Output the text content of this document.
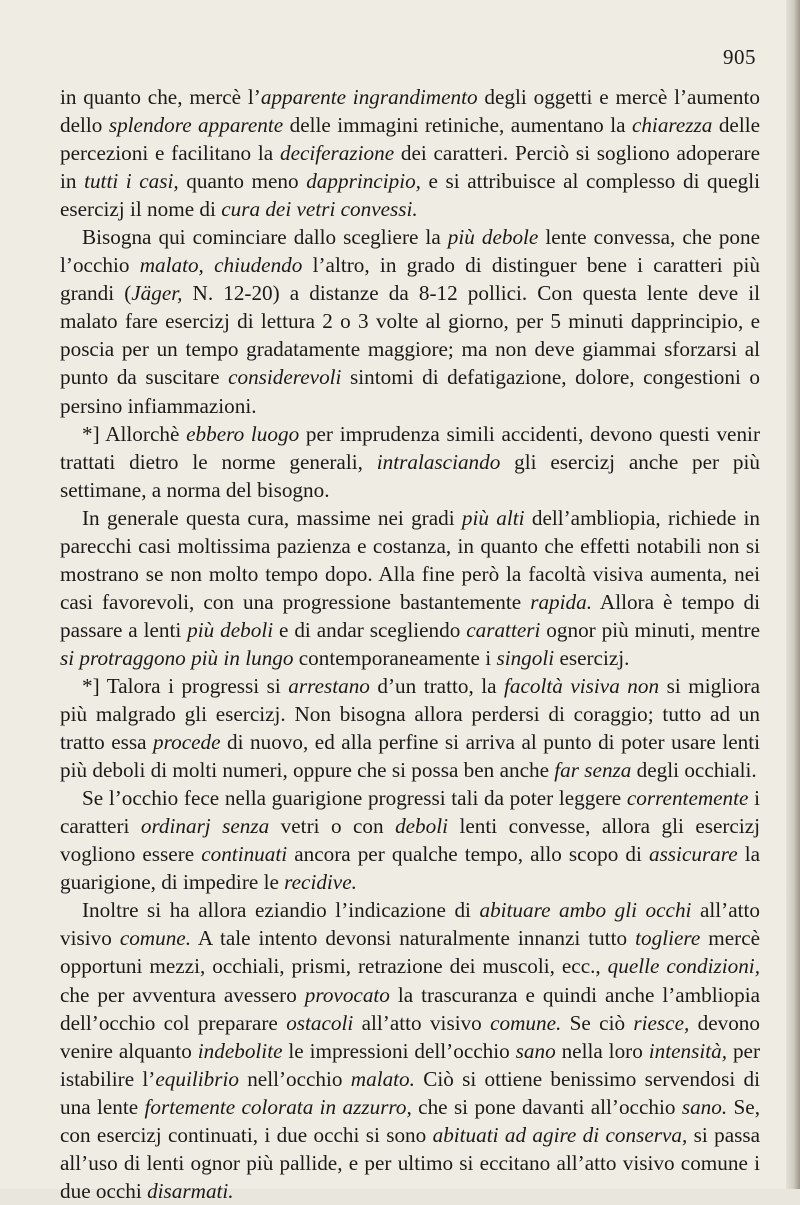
905

in quanto che, mercè l’apparente ingrandimento degli oggetti e mercè l’aumento dello splendore apparente delle immagini retiniche, aumentano la chiarezza delle percezioni e facilitano la deciferazione dei caratteri. Perciò si sogliono adoperare in tutti i casi, quanto meno dapprincipio, e si attribuisce al complesso di quegli esercizj il nome di cura dei vetri convessi.

Bisogna qui cominciare dallo scegliere la più debole lente convessa, che pone l’occhio malato, chiudendo l’altro, in grado di distinguer bene i caratteri più grandi (Jäger, N. 12-20) a distanze da 8-12 pollici. Con questa lente deve il malato fare esercizj di lettura 2 o 3 volte al giorno, per 5 minuti dapprincipio, e poscia per un tempo gradatamente maggiore; ma non deve giammai sforzarsi al punto da suscitare considerevoli sintomi di defatigazione, dolore, congestioni o persino infiammazioni.

*] Allorchè ebbero luogo per imprudenza simili accidenti, devono questi venir trattati dietro le norme generali, intralasciando gli esercizj anche per più settimane, a norma del bisogno.

In generale questa cura, massime nei gradi più alti dell’ambliopia, richiede in parecchi casi moltissima pazienza e costanza, in quanto che effetti notabili non si mostrano se non molto tempo dopo. Alla fine però la facoltà visiva aumenta, nei casi favorevoli, con una progressione bastantemente rapida. Allora è tempo di passare a lenti più deboli e di andar scegliendo caratteri ognor più minuti, mentre si protraggono più in lungo contemporaneamente i singoli esercizj.

*] Talora i progressi si arrestano d’un tratto, la facoltà visiva non si migliora più malgrado gli esercizj. Non bisogna allora perdersi di coraggio; tutto ad un tratto essa procede di nuovo, ed alla perfine si arriva al punto di poter usare lenti più deboli di molti numeri, oppure che si possa ben anche far senza degli occhiali.

Se l’occhio fece nella guarigione progressi tali da poter leggere correntemente i caratteri ordinarj senza vetri o con deboli lenti convesse, allora gli esercizj vogliono essere continuati ancora per qualche tempo, allo scopo di assicurare la guarigione, di impedire le recidive.

Inoltre si ha allora eziandio l’indicazione di abituare ambo gli occhi all’atto visivo comune. A tale intento devonsi naturalmente innanzi tutto togliere mercè opportuni mezzi, occhiali, prismi, retrazione dei muscoli, ecc., quelle condizioni, che per avventura avessero provocato la trascuranza e quindi anche l’ambliopia dell’occhio col preparare ostacoli all’atto visivo comune. Se ciò riesce, devono venire alquanto indebolite le impressioni dell’occhio sano nella loro intensità, per istabilire l’equilibrio nell’occhio malato. Ciò si ottiene benissimo servendosi di una lente fortemente colorata in azzurro, che si pone davanti all’occhio sano. Se, con esercizj continuati, i due occhi si sono abituati ad agire di conserva, si passa all’uso di lenti ognor più pallide, e per ultimo si eccitano all’atto visivo comune i due occhi disarmati.
